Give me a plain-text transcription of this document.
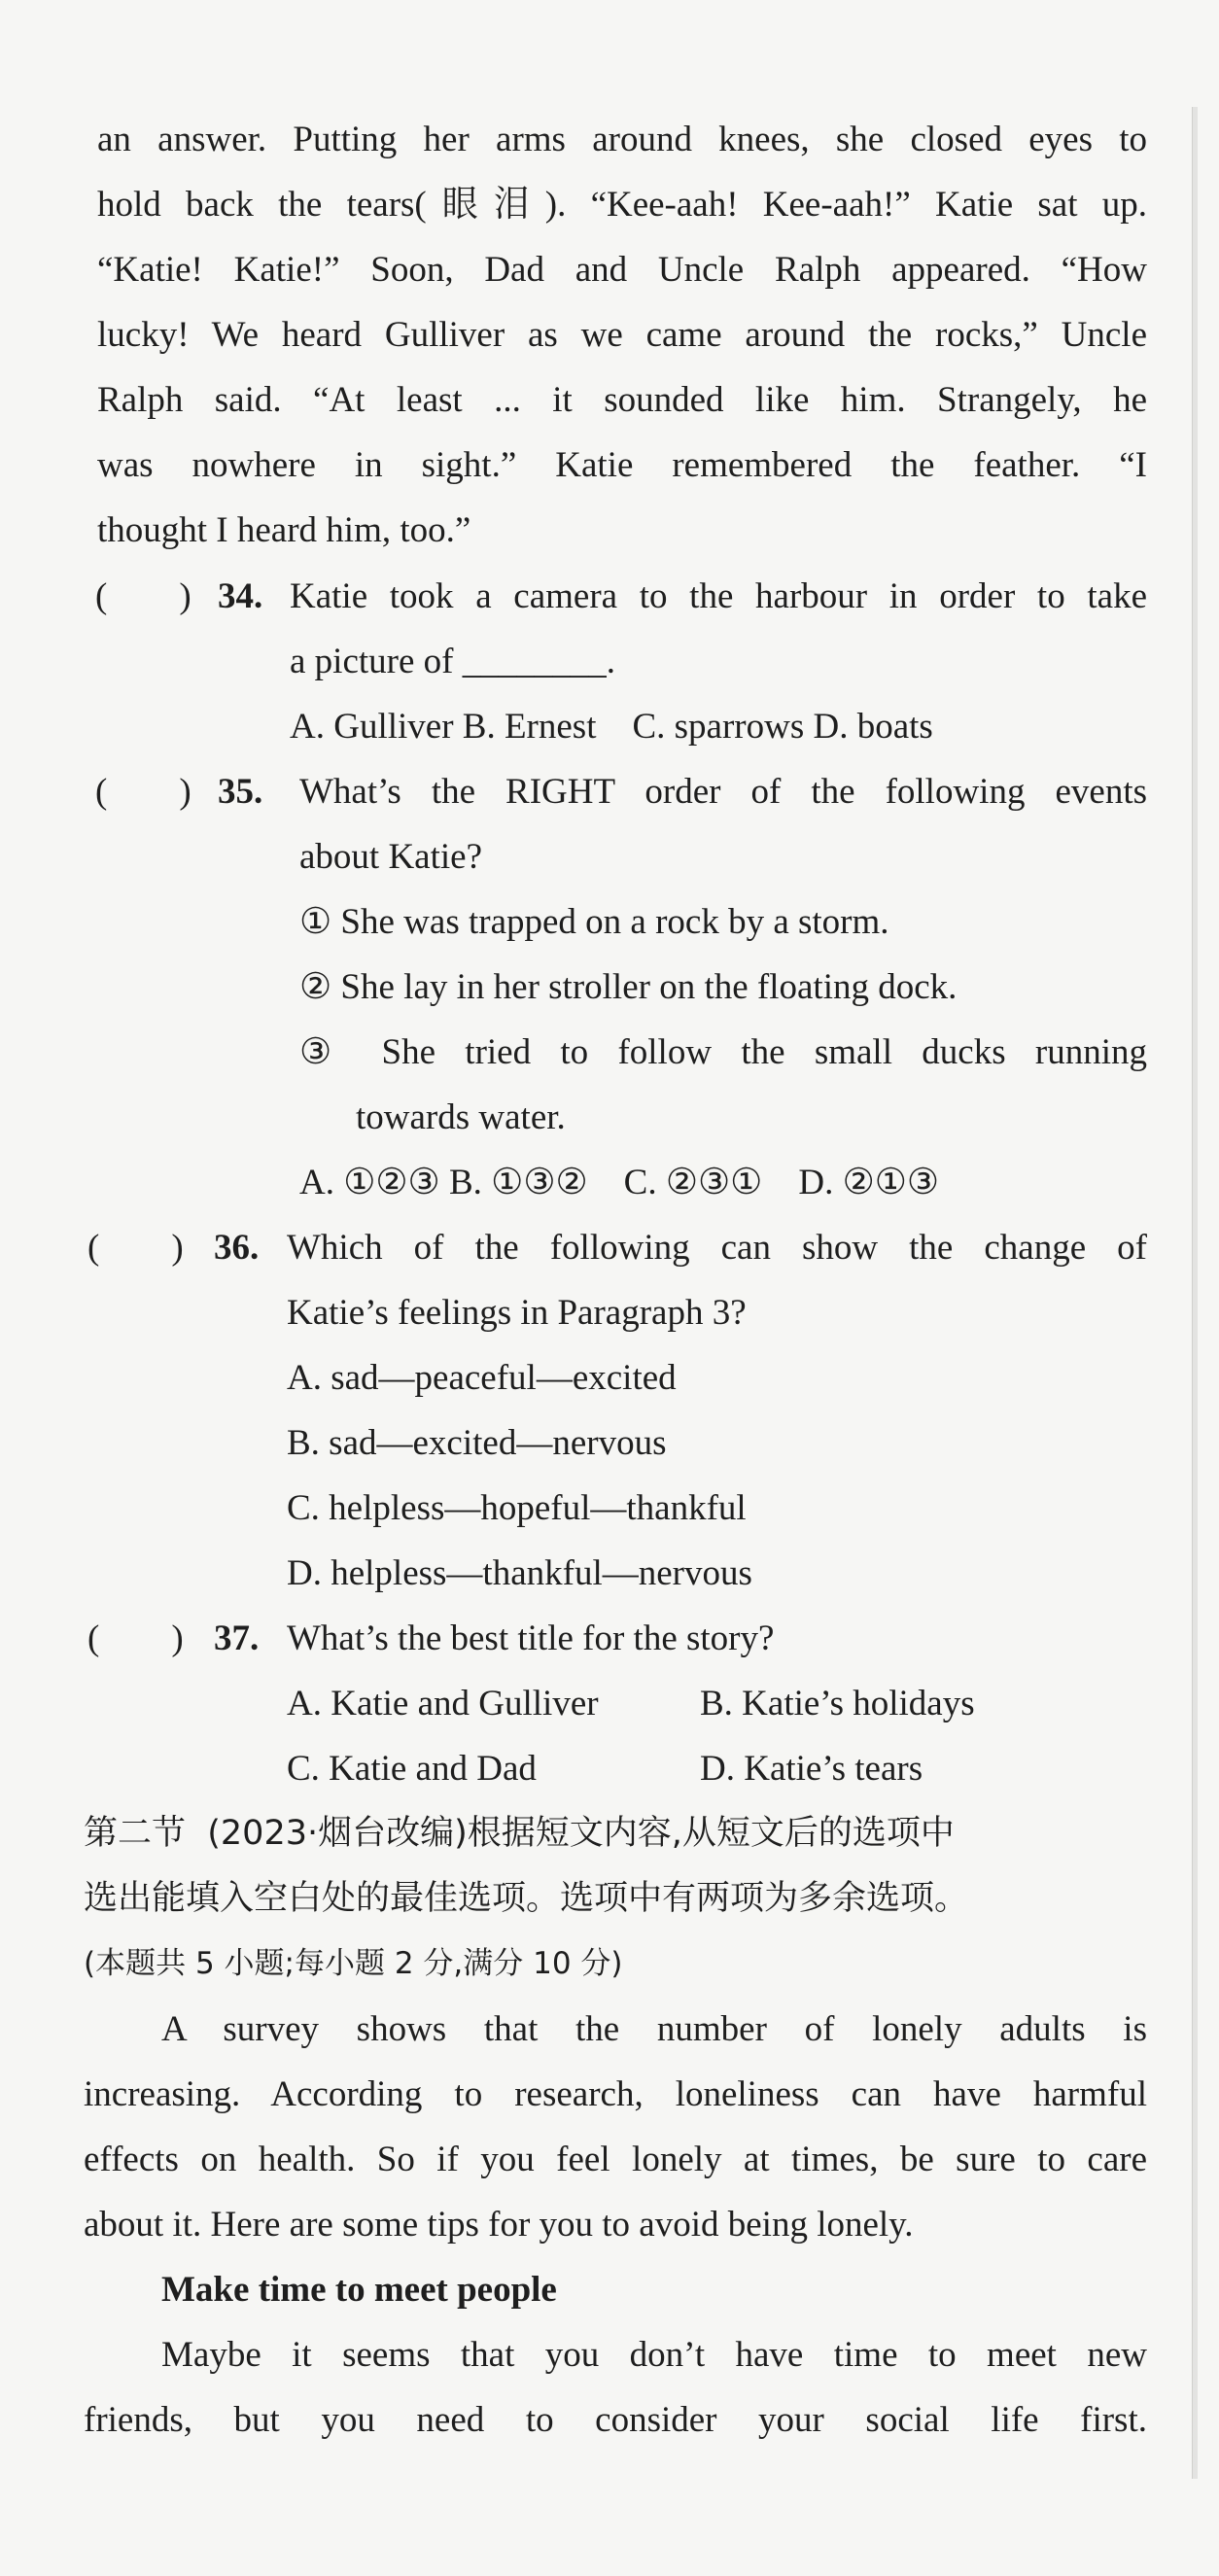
an answer. Putting her arms around knees, she closed eyes to
hold back the tears(眼泪). “Kee-aah! Kee-aah!” Katie sat up.
“Katie! Katie!” Soon, Dad and Uncle Ralph appeared. “How
lucky! We heard Gulliver as we came around the rocks,” Uncle
Ralph said. “At least ... it sounded like him. Strangely, he
was nowhere in sight.” Katie remembered the feather. “I
thought I heard him, too.”
(        ) 34. Katie took a camera to the harbour in order to take
a picture of ________.
A. Gulliver B. Ernest    C. sparrows D. boats
(        ) 35. What’s the RIGHT order of the following events
about Katie?
① She was trapped on a rock by a storm.
② She lay in her stroller on the floating dock.
③ She tried to follow the small ducks running
towards water.
A. ①②③ B. ①③②    C. ②③①    D. ②①③
(        ) 36. Which of the following can show the change of
Katie’s feelings in Paragraph 3?
A. sad—peaceful—excited
B. sad—excited—nervous
C. helpless—hopeful—thankful
D. helpless—thankful—nervous
(        ) 37. What’s the best title for the story?
A. Katie and Gulliver	B. Katie’s holidays
C. Katie and Dad	D. Katie’s tears
第二节  (2023·烟台改编)根据短文内容,从短文后的选项中
选出能填入空白处的最佳选项。选项中有两项为多余选项。
(本题共 5 小题;每小题 2 分,满分 10 分)
A survey shows that the number of lonely adults is
increasing. According to research, loneliness can have harmful
effects on health. So if you feel lonely at times, be sure to care
about it. Here are some tips for you to avoid being lonely.
Make time to meet people
Maybe it seems that you don’t have time to meet new
friends, but you need to consider your social life first.
